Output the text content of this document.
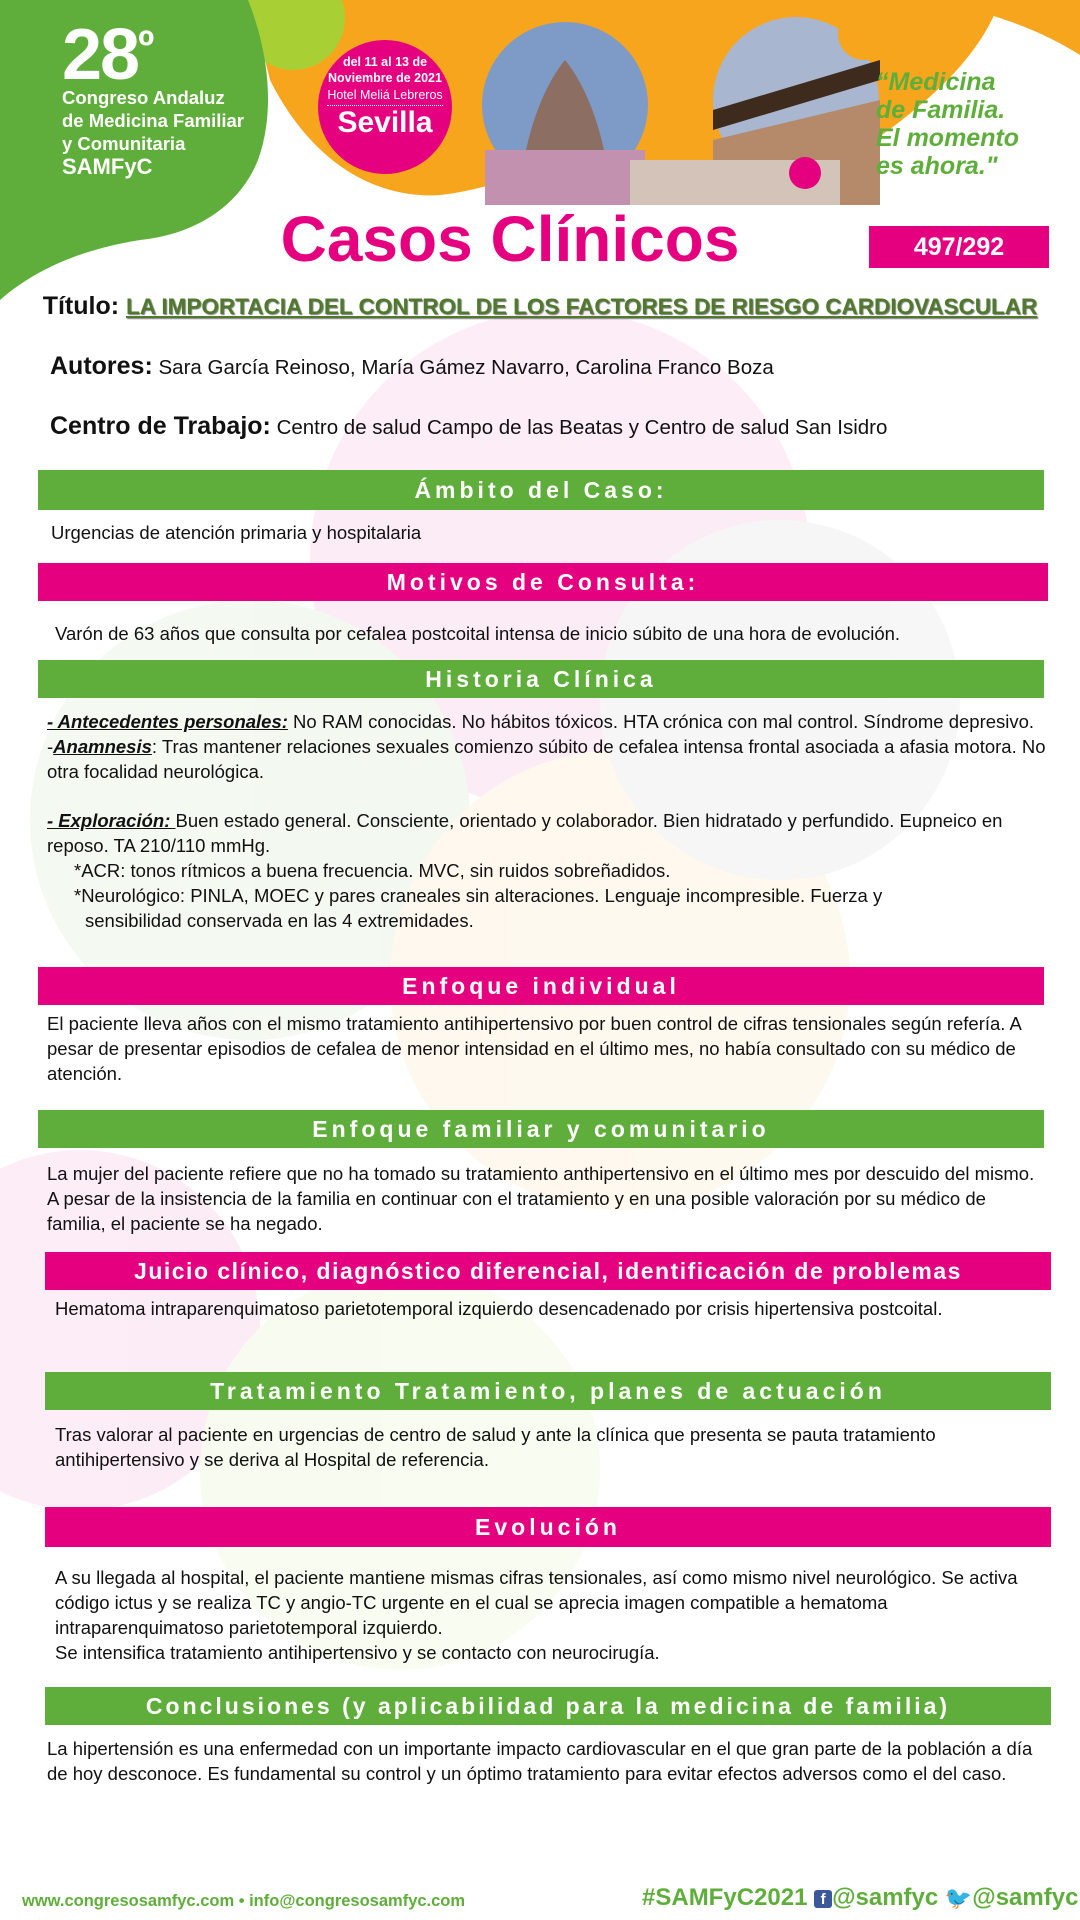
$28^º$
Congreso Andaluz
de Medicina Familiar
y Comunitaria
SAMFyC
del 11 al 13 de
Noviembre de 2021
Hotel Meliá Lebreros
Sevilla
“Medicina
de Familia.
El momento
es ahora."
Casos Clínicos	497/292
Título: LA IMPORTACIA DEL CONTROL DE LOS FACTORES DE RIESGO CARDIOVASCULAR
Autores: Sara García Reinoso, María Gámez Navarro, Carolina Franco Boza
Centro de Trabajo: Centro de salud Campo de las Beatas y Centro de salud San Isidro
Ámbito del Caso:
Urgencias de atención primaria y hospitalaria
Motivos de Consulta:
Varón de 63 años que consulta por cefalea postcoital intensa de inicio súbito de una hora de evolución.
Historia Clínica

- Antecedentes personales: No RAM conocidas. No hábitos tóxicos. HTA crónica con mal control. Síndrome depresivo.

-Anamnesis: Tras mantener relaciones sexuales comienzo súbito de cefalea intensa frontal asociada a afasia motora. No otra focalidad neurológica.

- Exploración: Buen estado general. Consciente, orientado y colaborador. Bien hidratado y perfundido. Eupneico en reposo. TA 210/110 mmHg.

*ACR: tonos rítmicos a buena frecuencia. MVC, sin ruidos sobreñadidos.

*Neurológico: PINLA, MOEC y pares craneales sin alteraciones. Lenguaje incompresible. Fuerza y

sensibilidad conservada en las 4 extremidades.

Enfoque individual
El paciente lleva años con el mismo tratamiento antihipertensivo por buen control de cifras tensionales según refería. A pesar de presentar episodios de cefalea de menor intensidad en el último mes, no había consultado con su médico de atención.
Enfoque familiar y comunitario
La mujer del paciente refiere que no ha tomado su tratamiento anthipertensivo en el último mes por descuido del mismo. A pesar de la insistencia de la familia en continuar con el tratamiento y en una posible valoración por su médico de familia, el paciente se ha negado.
Juicio clínico, diagnóstico diferencial, identificación de problemas
Hematoma intraparenquimatoso parietotemporal izquierdo desencadenado por crisis hipertensiva postcoital.
Tratamiento Tratamiento, planes de actuación
Tras valorar al paciente en urgencias de centro de salud y ante la clínica que presenta se pauta tratamiento antihipertensivo y se deriva al Hospital de referencia.
Evolución

A su llegada al hospital, el paciente mantiene mismas cifras tensionales, así como mismo nivel neurológico. Se activa código ictus y se realiza TC y angio-TC urgente en el cual se aprecia imagen compatible a hematoma intraparenquimatoso parietotemporal izquierdo.

Se intensifica tratamiento antihipertensivo y se contacto con neurocirugía.

Conclusiones (y aplicabilidad para la medicina de familia)
La hipertensión es una enfermedad con un importante impacto cardiovascular en el que gran parte de la población a día de hoy desconoce. Es fundamental su control y un óptimo tratamiento para evitar efectos adversos como el del caso.
www.congresosamfyc.com • info@congresosamfyc.com	#SAMFyC2021 f @samfyc 🐦@samfyc
